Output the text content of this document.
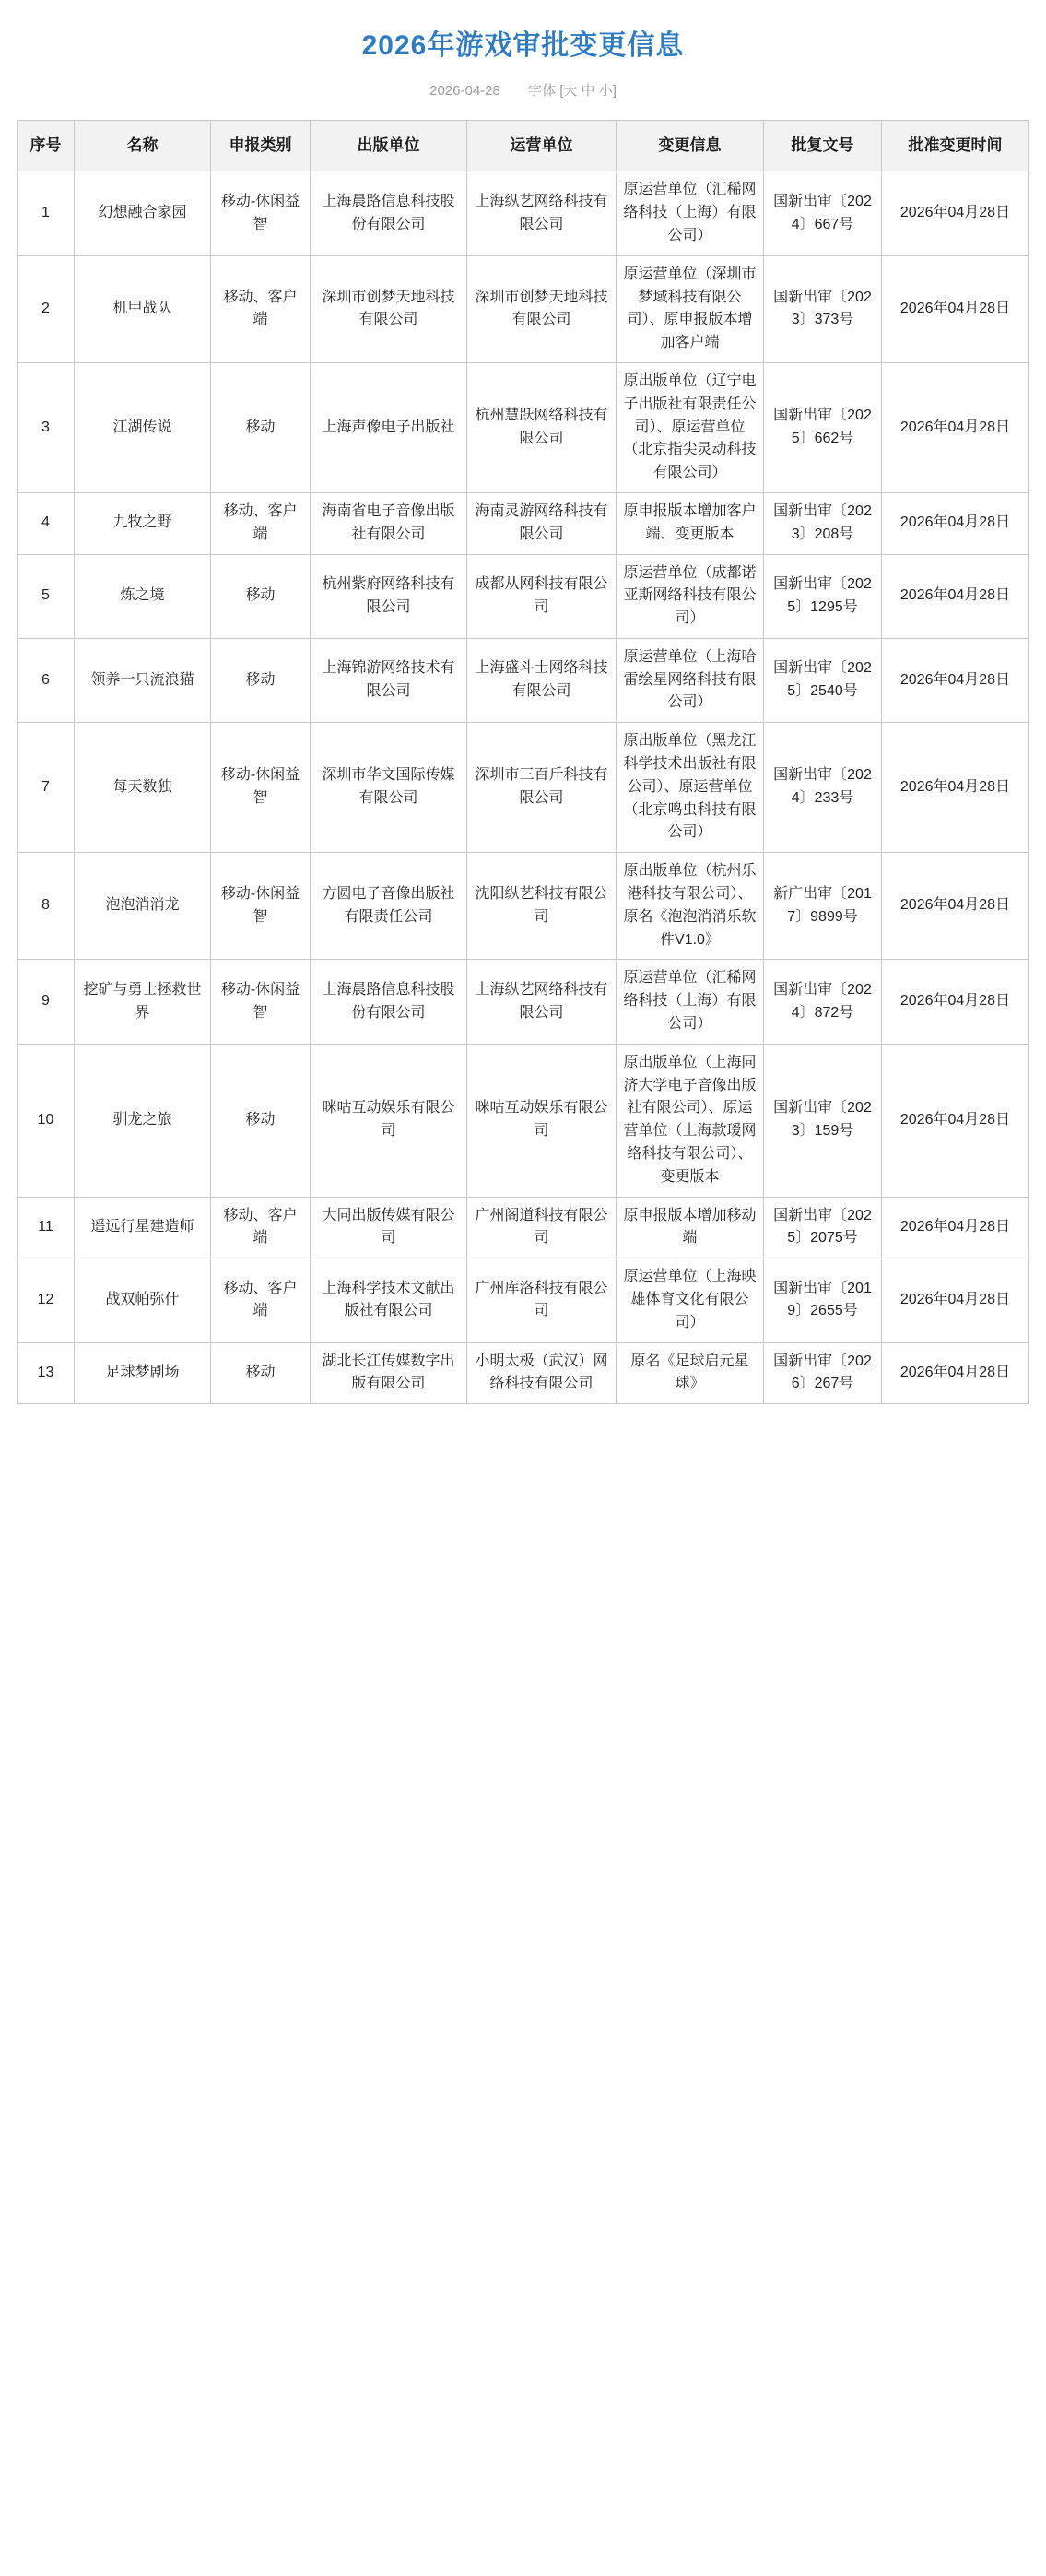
2026年游戏审批变更信息
2026-04-28 字体 [大 中 小]
序号	名称	申报类别	出版单位	运营单位	变更信息	批复文号	批准变更时间
1	幻想融合家园	移动-休闲益智	上海晨路信息科技股份有限公司	上海纵艺网络科技有限公司	原运营单位（汇稀网络科技（上海）有限公司）	国新出审〔2024〕667号	2026年04月28日
2	机甲战队	移动、客户端	深圳市创梦天地科技有限公司	深圳市创梦天地科技有限公司	原运营单位（深圳市梦域科技有限公司）、原申报版本增加客户端	国新出审〔2023〕373号	2026年04月28日
3	江湖传说	移动	上海声像电子出版社	杭州慧跃网络科技有限公司	原出版单位（辽宁电子出版社有限责任公司）、原运营单位（北京指尖灵动科技有限公司）	国新出审〔2025〕662号	2026年04月28日
4	九牧之野	移动、客户端	海南省电子音像出版社有限公司	海南灵游网络科技有限公司	原申报版本增加客户端、变更版本	国新出审〔2023〕208号	2026年04月28日
5	炼之境	移动	杭州紫府网络科技有限公司	成都从网科技有限公司	原运营单位（成都诺亚斯网络科技有限公司）	国新出审〔2025〕1295号	2026年04月28日
6	领养一只流浪猫	移动	上海锦游网络技术有限公司	上海盛斗士网络科技有限公司	原运营单位（上海哈雷绘星网络科技有限公司）	国新出审〔2025〕2540号	2026年04月28日
7	每天数独	移动-休闲益智	深圳市华文国际传媒有限公司	深圳市三百斤科技有限公司	原出版单位（黑龙江科学技术出版社有限公司）、原运营单位（北京鸣虫科技有限公司）	国新出审〔2024〕233号	2026年04月28日
8	泡泡消消龙	移动-休闲益智	方圆电子音像出版社有限责任公司	沈阳纵艺科技有限公司	原出版单位（杭州乐港科技有限公司）、原名《泡泡消消乐软件V1.0》	新广出审〔2017〕9899号	2026年04月28日
9	挖矿与勇士拯救世界	移动-休闲益智	上海晨路信息科技股份有限公司	上海纵艺网络科技有限公司	原运营单位（汇稀网络科技（上海）有限公司）	国新出审〔2024〕872号	2026年04月28日
10	驯龙之旅	移动	咪咕互动娱乐有限公司	咪咕互动娱乐有限公司	原出版单位（上海同济大学电子音像出版社有限公司）、原运营单位（上海款瑷网络科技有限公司）、变更版本	国新出审〔2023〕159号	2026年04月28日
11	遥远行星建造师	移动、客户端	大同出版传媒有限公司	广州阁道科技有限公司	原申报版本增加移动端	国新出审〔2025〕2075号	2026年04月28日
12	战双帕弥什	移动、客户端	上海科学技术文献出版社有限公司	广州库洛科技有限公司	原运营单位（上海映雄体育文化有限公司）	国新出审〔2019〕2655号	2026年04月28日
13	足球梦剧场	移动	湖北长江传媒数字出版有限公司	小明太极（武汉）网络科技有限公司	原名《足球启元星球》	国新出审〔2026〕267号	2026年04月28日
